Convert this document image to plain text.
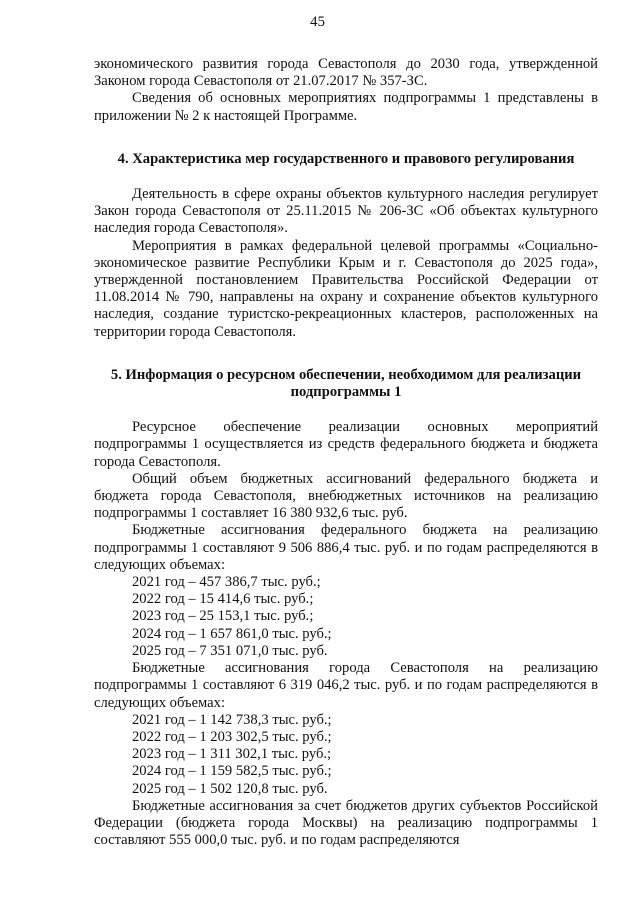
45

экономического развития города Севастополя до 2030 года, утвержденной Законом города Севастополя от 21.07.2017 № 357-ЗС.

Сведения об основных мероприятиях подпрограммы 1 представлены в приложении № 2 к настоящей Программе.

4. Характеристика мер государственного и правового регулирования

Деятельность в сфере охраны объектов культурного наследия регулирует Закон города Севастополя от 25.11.2015 № 206-ЗС «Об объектах культурного наследия города Севастополя».

Мероприятия в рамках федеральной целевой программы «Социально-экономическое развитие Республики Крым и г. Севастополя до 2025 года», утвержденной постановлением Правительства Российской Федерации от 11.08.2014 № 790, направлены на охрану и сохранение объектов культурного наследия, создание туристско-рекреационных кластеров, расположенных на территории города Севастополя.

5. Информация о ресурсном обеспечении, необходимом для реализации
подпрограммы 1

Ресурсное обеспечение реализации основных мероприятий подпрограммы 1 осуществляется из средств федерального бюджета и бюджета города Севастополя.

Общий объем бюджетных ассигнований федерального бюджета и бюджета города Севастополя, внебюджетных источников на реализацию подпрограммы 1 составляет 16 380 932,6 тыс. руб.

Бюджетные ассигнования федерального бюджета на реализацию подпрограммы 1 составляют 9 506 886,4 тыс. руб. и по годам распределяются в следующих объемах:

2021 год – 457 386,7 тыс. руб.;
2022 год – 15 414,6 тыс. руб.;
2023 год – 25 153,1 тыс. руб.;
2024 год – 1 657 861,0 тыс. руб.;
2025 год – 7 351 071,0 тыс. руб.

Бюджетные ассигнования города Севастополя на реализацию подпрограммы 1 составляют 6 319 046,2 тыс. руб. и по годам распределяются в следующих объемах:

2021 год – 1 142 738,3 тыс. руб.;
2022 год – 1 203 302,5 тыс. руб.;
2023 год – 1 311 302,1 тыс. руб.;
2024 год – 1 159 582,5 тыс. руб.;
2025 год – 1 502 120,8 тыс. руб.

Бюджетные ассигнования за счет бюджетов других субъектов Российской Федерации (бюджета города Москвы) на реализацию подпрограммы 1 составляют 555 000,0 тыс. руб. и по годам распределяются
